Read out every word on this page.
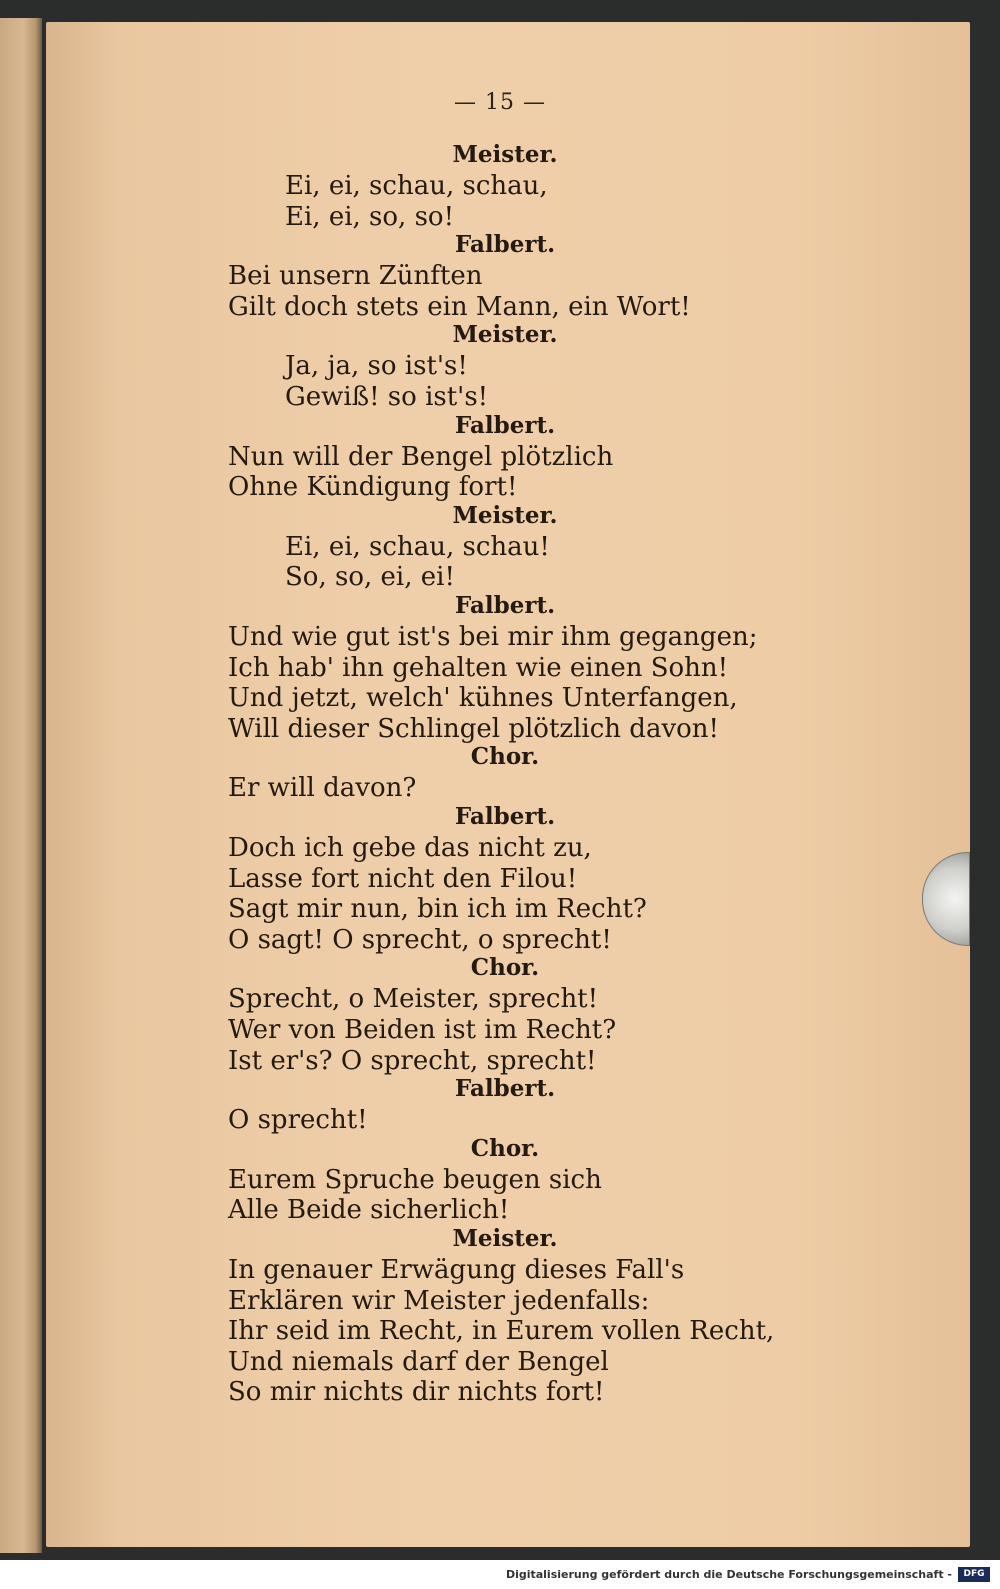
— 15 —
Meister.
Ei, ei, schau, schau,
Ei, ei, so, so!
Falbert.
Bei unsern Zünften
Gilt doch stets ein Mann, ein Wort!
Meister.
Ja, ja, so ist's!
Gewiß! so ist's!
Falbert.
Nun will der Bengel plötzlich
Ohne Kündigung fort!
Meister.
Ei, ei, schau, schau!
So, so, ei, ei!
Falbert.
Und wie gut ist's bei mir ihm gegangen;
Ich hab' ihn gehalten wie einen Sohn!
Und jetzt, welch' kühnes Unterfangen,
Will dieser Schlingel plötzlich davon!
Chor.
Er will davon?
Falbert.
Doch ich gebe das nicht zu,
Lasse fort nicht den Filou!
Sagt mir nun, bin ich im Recht?
O sagt! O sprecht, o sprecht!
Chor.
Sprecht, o Meister, sprecht!
Wer von Beiden ist im Recht?
Ist er's? O sprecht, sprecht!
Falbert.
O sprecht!
Chor.
Eurem Spruche beugen sich
Alle Beide sicherlich!
Meister.
In genauer Erwägung dieses Fall's
Erklären wir Meister jedenfalls:
Ihr seid im Recht, in Eurem vollen Recht,
Und niemals darf der Bengel
So mir nichts dir nichts fort!
Digitalisierung gefördert durch die Deutsche Forschungsgemeinschaft -	DFG
